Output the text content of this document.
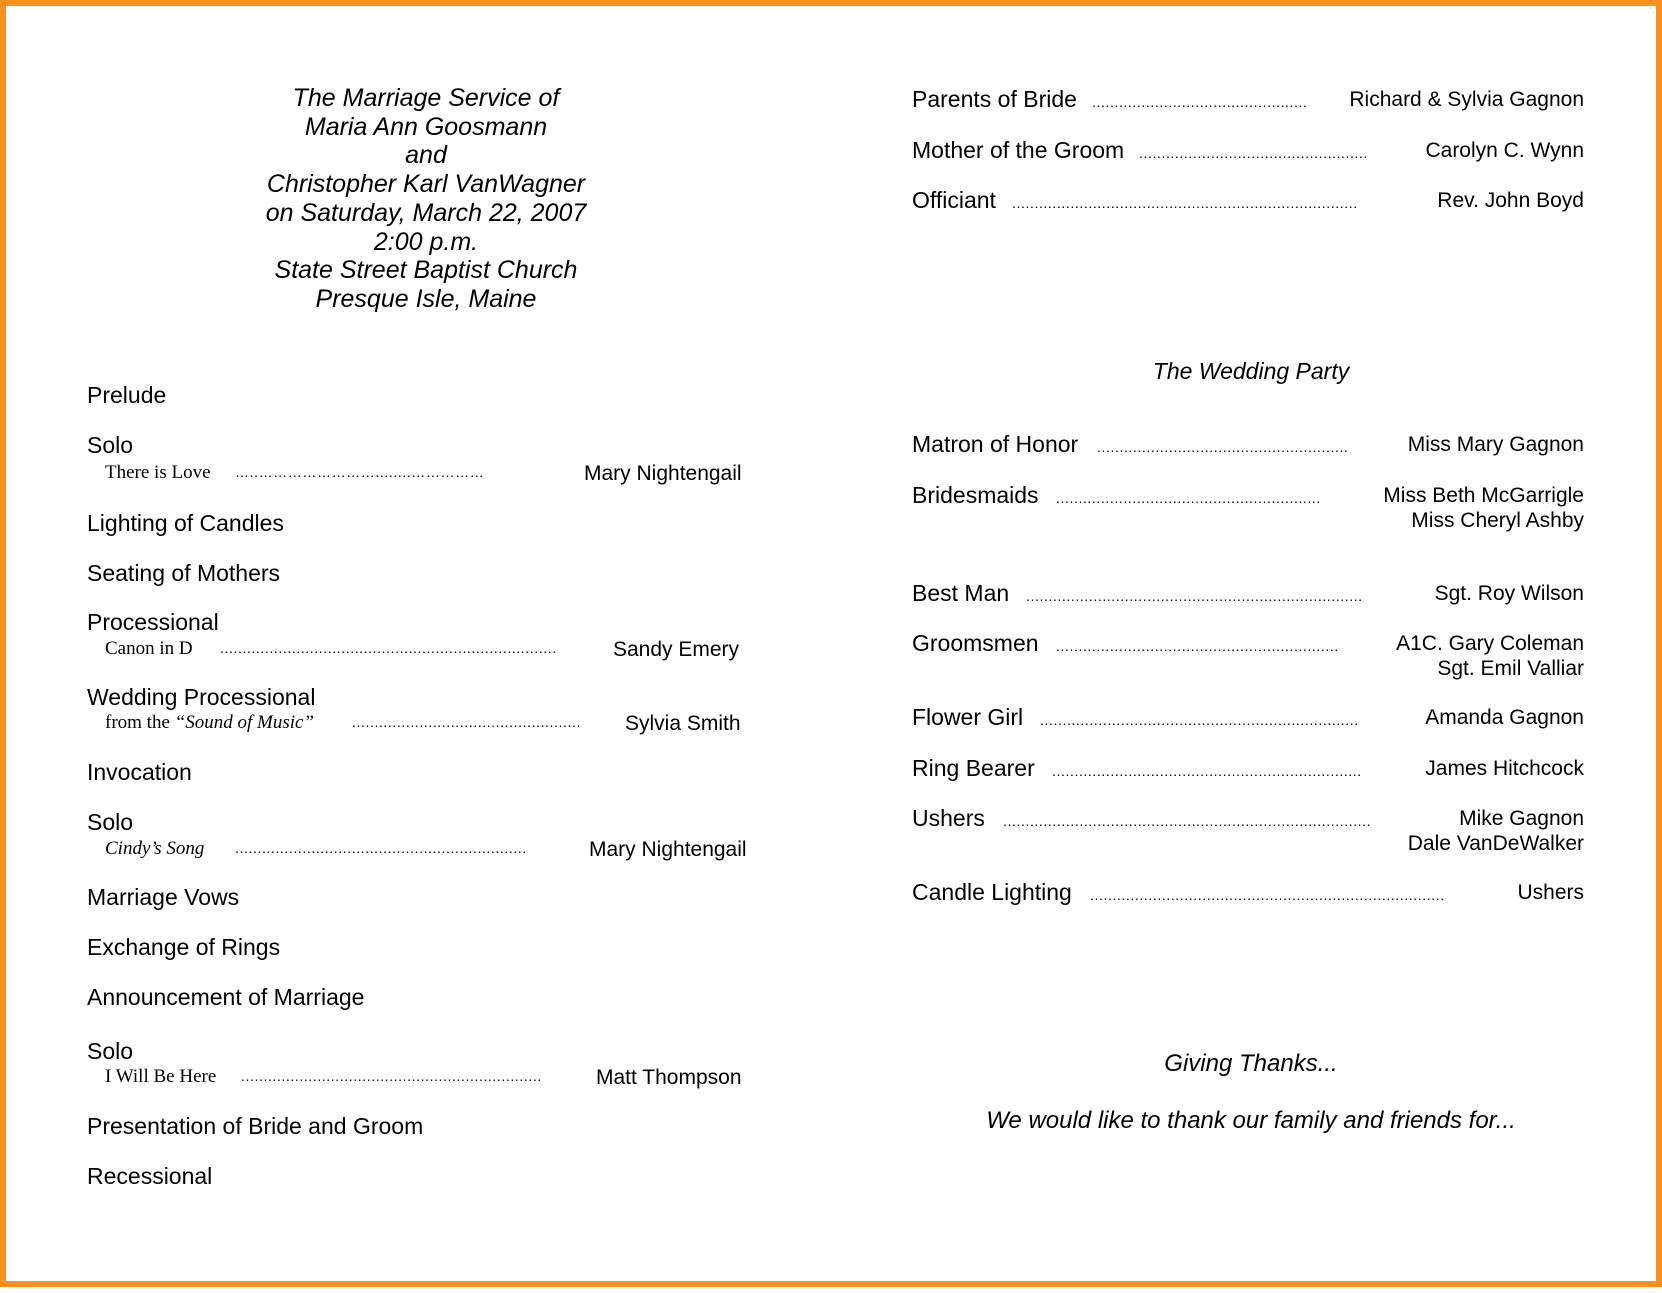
The Marriage Service of
Maria Ann Goosmann
and
Christopher Karl VanWagner
on Saturday, March 22, 2007
2:00 p.m.
State Street Baptist Church
Presque Isle, Maine
Prelude
Solo
There is Love …..……………………........……………	Mary Nightengail
Lighting of Candles
Seating of Mothers
Processional
Canon in D ...........................................................................	Sandy Emery
Wedding Processional
from the “Sound of Music”	...................................................	Sylvia Smith
Invocation
Solo
Cindy’s Song .................................................................	Mary Nightengail
Marriage Vows
Exchange of Rings
Announcement of Marriage
Solo
I Will Be Here ...................................................................	Matt Thompson
Presentation of Bride and Groom
Recessional
Parents of Bride ................................................	Richard & Sylvia Gagnon
Mother of the Groom ...................................................	Carolyn C. Wynn
Officiant .............................................................................	Rev. John Boyd
The Wedding Party
Matron of Honor ........................................................	Miss Mary Gagnon
Bridesmaids ...........................................................	Miss Beth McGarrigle
Miss Cheryl Ashby
Best Man ...........................................................................	Sgt. Roy Wilson
Groomsmen ...............................................................	A1C. Gary Coleman
Sgt. Emil Valliar
Flower Girl .......................................................................	Amanda Gagnon
Ring Bearer .....................................................................	James Hitchcock
Ushers ..................................................................................	Mike Gagnon
Dale VanDeWalker
Candle Lighting ...............................................................................	Ushers
Giving Thanks...
We would like to thank our family and friends for...
